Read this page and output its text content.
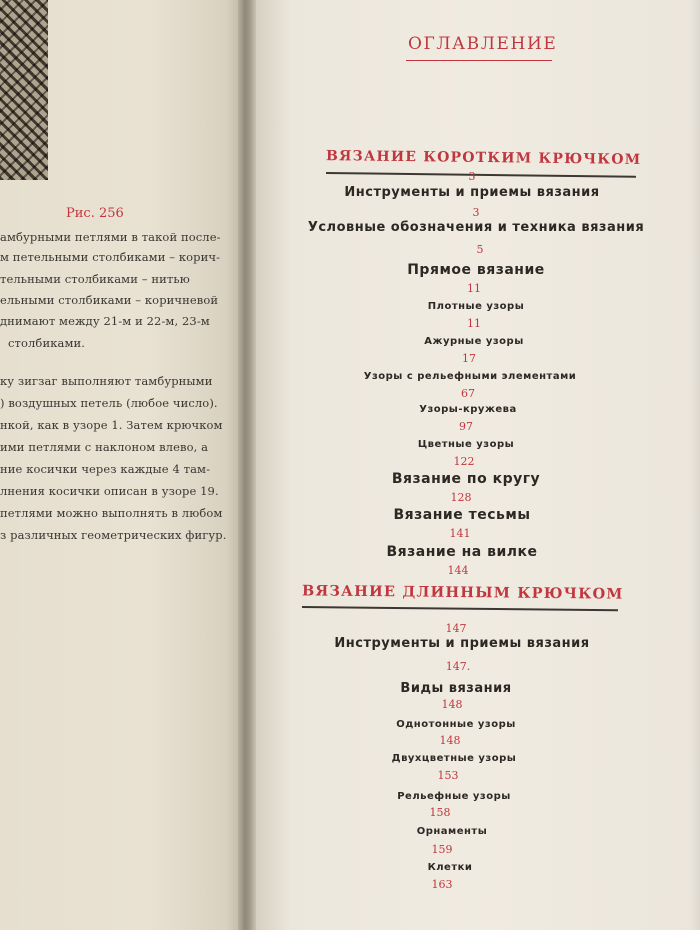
Рис. 256
амбурными петлями в такой после-
м петельными столбиками – корич-
тельными столбиками – нитью
ельными столбиками – коричневой
днимают между 21-м и 22-м, 23-м
столбиками.
ку зигзаг выполняют тамбурными
) воздушных петель (любое число).
нкой, как в узоре 1. Затем крючком
ими петлями с наклоном влево, а
ние косички через каждые 4 там-
лнения косички описан в узоре 19.
петлями можно выполнять в любом
з различных геометрических фигур.
ОГЛАВЛЕНИЕ
ВЯЗАНИЕ КОРОТКИМ КРЮЧКОМ
3
Инструменты и приемы вязания
3
Условные обозначения и техника вязания
5
Прямое вязание
11
Плотные узоры
11
Ажурные узоры
17
Узоры с рельефными элементами
67
Узоры-кружева
97
Цветные узоры
122
Вязание по кругу
128
Вязание тесьмы
141
Вязание на вилке
144
ВЯЗАНИЕ ДЛИННЫМ КРЮЧКОМ
147
Инструменты и приемы вязания
147.
Виды вязания
148
Однотонные узоры
148
Двухцветные узоры
153
Рельефные узоры
158
Орнаменты
159
Клетки
163
